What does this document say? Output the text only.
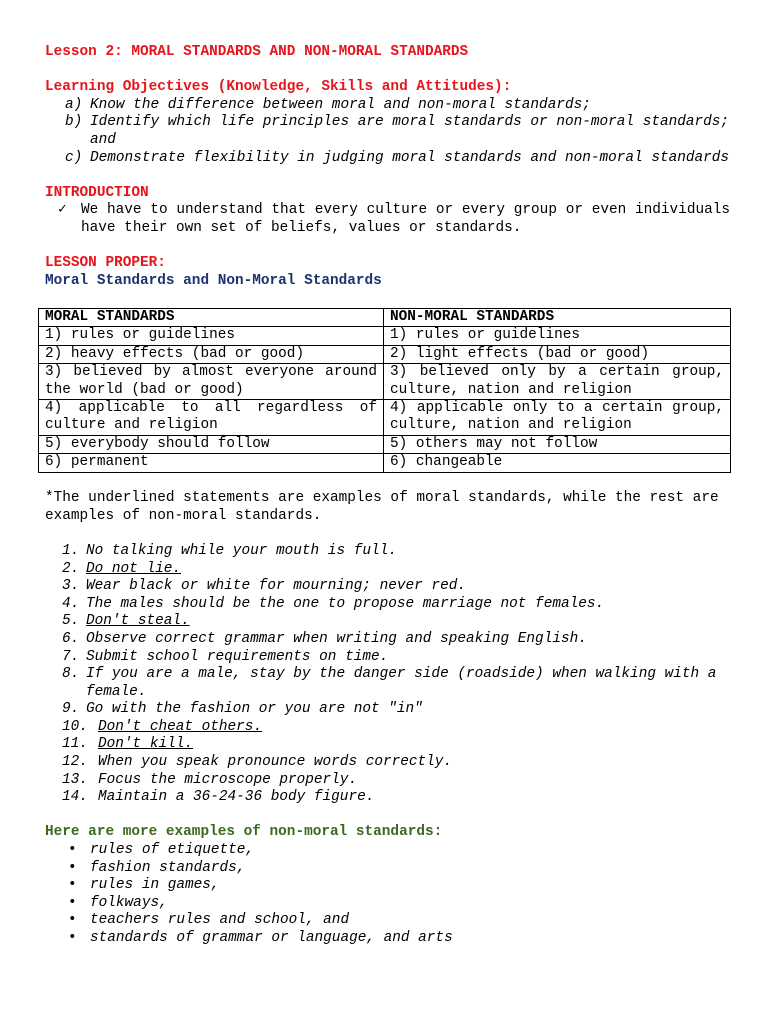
Lesson 2: MORAL STANDARDS AND NON-MORAL STANDARDS

Learning Objectives (Knowledge, Skills and Attitudes):

a) Know the difference between moral and non-moral standards;
b) Identify which life principles are moral standards or non-moral standards; and
c) Demonstrate flexibility in judging moral standards and non-moral standards

INTRODUCTION

✓ We have to understand that every culture or every group or even individuals have their own set of beliefs, values or standards.

LESSON PROPER:

Moral Standards and Non-Moral Standards

MORAL STANDARDS	NON-MORAL STANDARDS
1) rules or guidelines	1) rules or guidelines
2) heavy effects (bad or good)	2) light effects (bad or good)
3) believed by almost everyone around the world (bad or good)	3) believed only by a certain group, culture, nation and religion
4) applicable to all regardless of culture and religion	4) applicable only to a certain group, culture, nation and religion
5) everybody should follow	5) others may not follow
6) permanent	6) changeable

*The underlined statements are examples of moral standards, while the rest are examples of non-moral standards.

1. No talking while your mouth is full.
2. Do not lie.
3. Wear black or white for mourning; never red.
4. The males should be the one to propose marriage not females.
5. Don't steal.
6. Observe correct grammar when writing and speaking English.
7. Submit school requirements on time.
8. If you are a male, stay by the danger side (roadside) when walking with a female.
9. Go with the fashion or you are not "in"
10. Don't cheat others.
11. Don't kill.
12. When you speak pronounce words correctly.
13. Focus the microscope properly.
14. Maintain a 36-24-36 body figure.

Here are more examples of non-moral standards:

• rules of etiquette,
• fashion standards,
• rules in games,
• folkways,
• teachers rules and school, and
• standards of grammar or language, and arts
